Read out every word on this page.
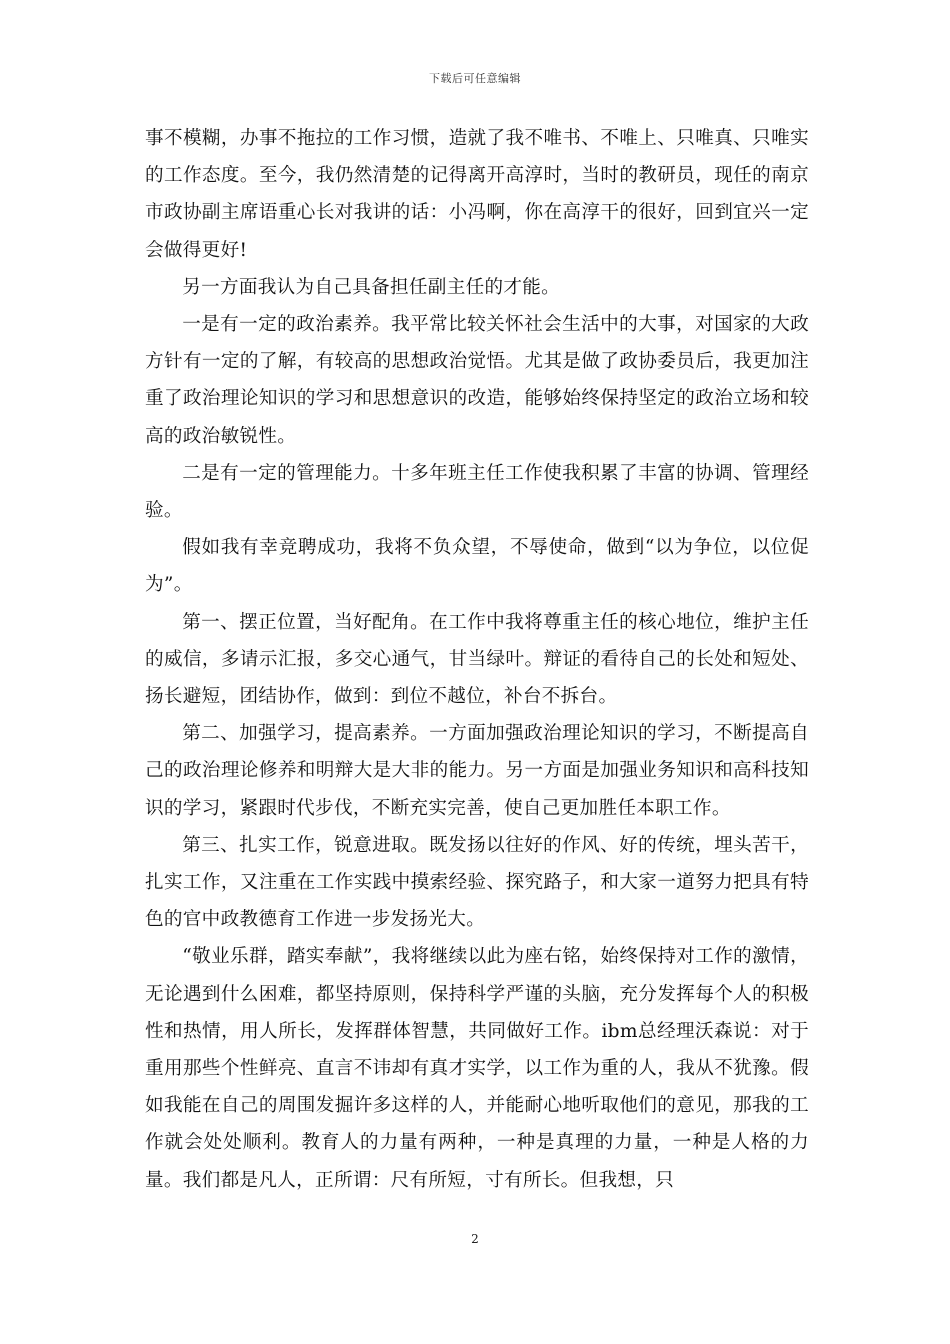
下载后可任意编辑

事不模糊，办事不拖拉的工作习惯，造就了我不唯书、不唯上、只唯真、只唯实的工作态度。至今，我仍然清楚的记得离开高淳时，当时的教研员，现任的南京市政协副主席语重心长对我讲的话：小冯啊，你在高淳干的很好，回到宜兴一定会做得更好!

另一方面我认为自己具备担任副主任的才能。

一是有一定的政治素养。我平常比较关怀社会生活中的大事，对国家的大政方针有一定的了解，有较高的思想政治觉悟。尤其是做了政协委员后，我更加注重了政治理论知识的学习和思想意识的改造，能够始终保持坚定的政治立场和较高的政治敏锐性。

二是有一定的管理能力。十多年班主任工作使我积累了丰富的协调、管理经验。

假如我有幸竞聘成功，我将不负众望，不辱使命，做到“以为争位，以位促为”。

第一、摆正位置，当好配角。在工作中我将尊重主任的核心地位，维护主任的威信，多请示汇报，多交心通气，甘当绿叶。辩证的看待自己的长处和短处、扬长避短，团结协作，做到：到位不越位，补台不拆台。

第二、加强学习，提高素养。一方面加强政治理论知识的学习，不断提高自己的政治理论修养和明辩大是大非的能力。另一方面是加强业务知识和高科技知识的学习，紧跟时代步伐，不断充实完善，使自己更加胜任本职工作。

第三、扎实工作，锐意进取。既发扬以往好的作风、好的传统，埋头苦干，扎实工作，又注重在工作实践中摸索经验、探究路子，和大家一道努力把具有特色的官中政教德育工作进一步发扬光大。

“敬业乐群，踏实奉献”，我将继续以此为座右铭，始终保持对工作的激情，无论遇到什么困难，都坚持原则，保持科学严谨的头脑，充分发挥每个人的积极性和热情，用人所长，发挥群体智慧，共同做好工作。ibm总经理沃森说：对于重用那些个性鲜亮、直言不讳却有真才实学，以工作为重的人，我从不犹豫。假如我能在自己的周围发掘许多这样的人，并能耐心地听取他们的意见，那我的工作就会处处顺利。教育人的力量有两种，一种是真理的力量，一种是人格的力量。我们都是凡人，正所谓：尺有所短，寸有所长。但我想，只

2
